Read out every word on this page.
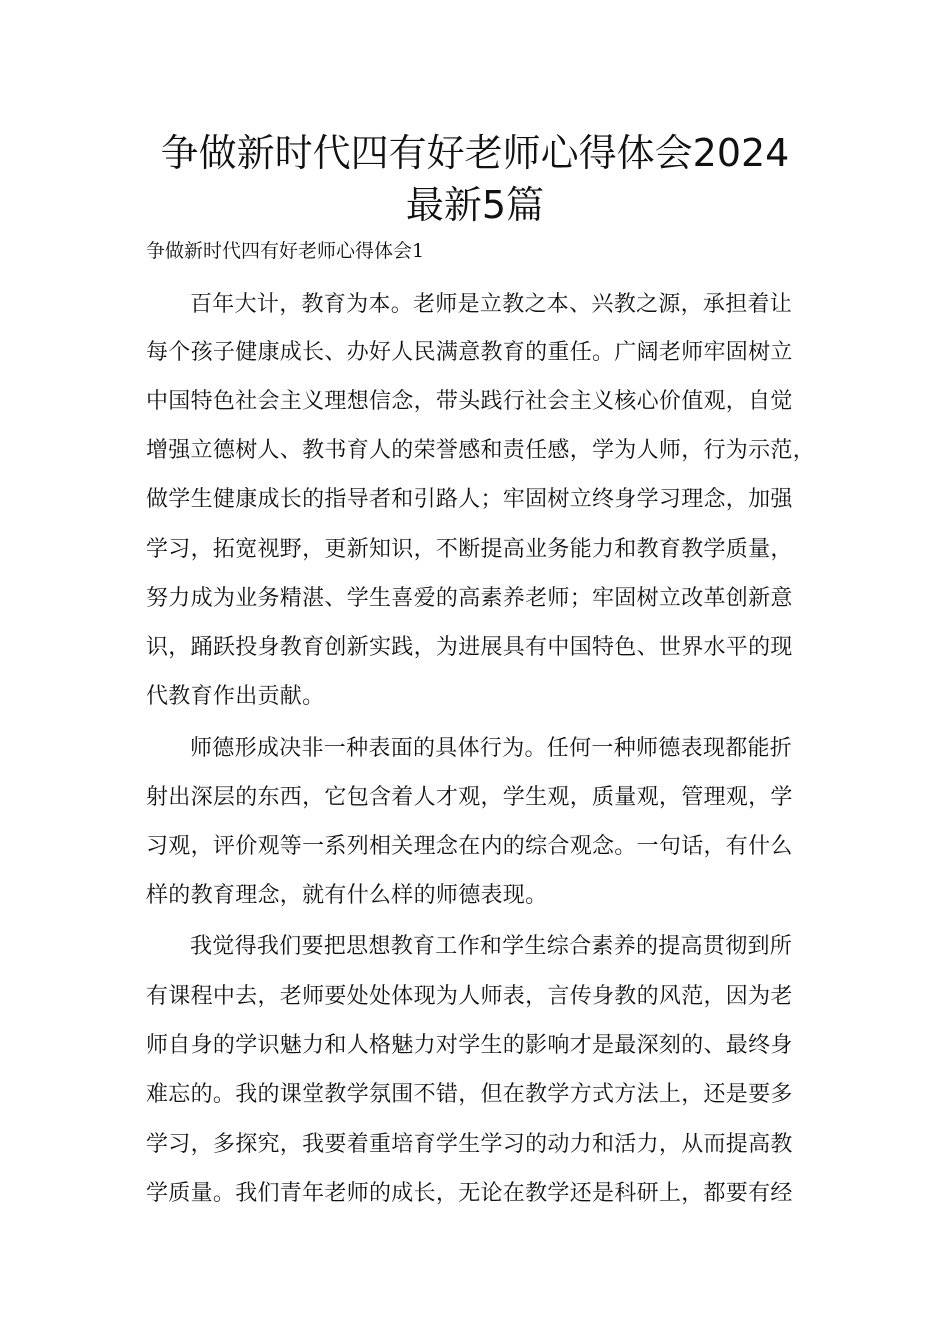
争做新时代四有好老师心得体会2024
最新5篇
争做新时代四有好老师心得体会1
百年大计，教育为本。老师是立教之本、兴教之源，承担着让
每个孩子健康成长、办好人民满意教育的重任。广阔老师牢固树立
中国特色社会主义理想信念，带头践行社会主义核心价值观，自觉
增强立德树人、教书育人的荣誉感和责任感，学为人师，行为示范，
做学生健康成长的指导者和引路人；牢固树立终身学习理念，加强
学习，拓宽视野，更新知识，不断提高业务能力和教育教学质量，
努力成为业务精湛、学生喜爱的高素养老师；牢固树立改革创新意
识，踊跃投身教育创新实践，为进展具有中国特色、世界水平的现
代教育作出贡献。
师德形成决非一种表面的具体行为。任何一种师德表现都能折
射出深层的东西，它包含着人才观，学生观，质量观，管理观，学
习观，评价观等一系列相关理念在内的综合观念。一句话，有什么
样的教育理念，就有什么样的师德表现。
我觉得我们要把思想教育工作和学生综合素养的提高贯彻到所
有课程中去，老师要处处体现为人师表，言传身教的风范，因为老
师自身的学识魅力和人格魅力对学生的影响才是最深刻的、最终身
难忘的。我的课堂教学氛围不错，但在教学方式方法上，还是要多
学习，多探究，我要着重培育学生学习的动力和活力，从而提高教
学质量。我们青年老师的成长，无论在教学还是科研上，都要有经
